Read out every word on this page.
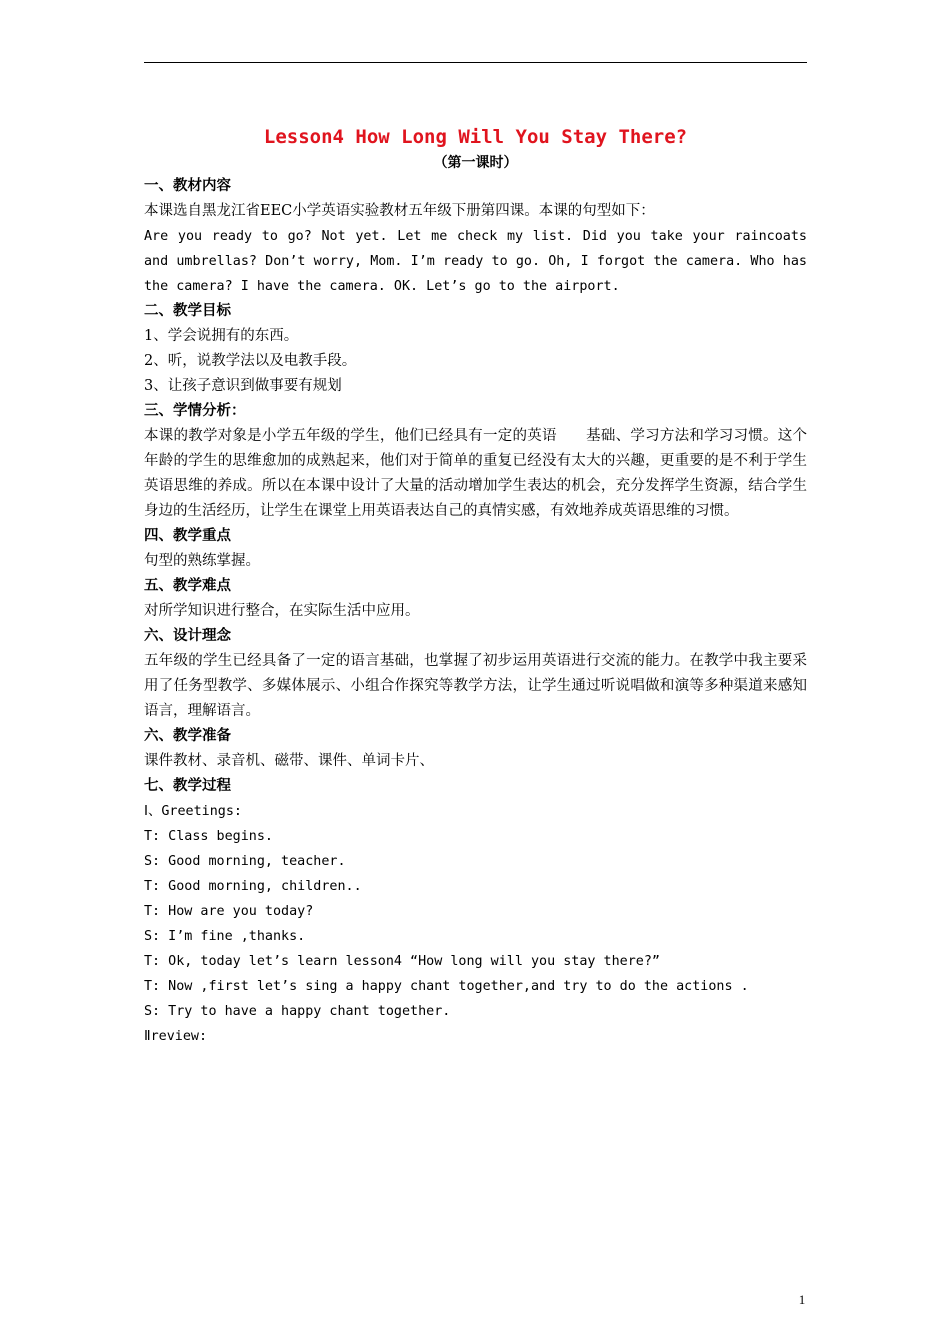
Lesson4 How Long Will You Stay There?
（第一课时）
一、教材内容
本课选自黑龙江省EEC小学英语实验教材五年级下册第四课。本课的句型如下：
Are you ready to go? Not yet. Let me check my list. Did you take your raincoats and umbrellas? Don’t worry, Mom. I’m ready to go. Oh, I forgot the camera. Who has the camera? I have the camera. OK. Let’s go to the airport.
二、教学目标
1、学会说拥有的东西。
2、听，说教学法以及电教手段。
3、让孩子意识到做事要有规划
三、学情分析：
本课的教学对象是小学五年级的学生，他们已经具有一定的英语　　基础、学习方法和学习习惯。这个年龄的学生的思维愈加的成熟起来，他们对于简单的重复已经没有太大的兴趣，更重要的是不利于学生英语思维的养成。所以在本课中设计了大量的活动增加学生表达的机会，充分发挥学生资源，结合学生身边的生活经历，让学生在课堂上用英语表达自己的真情实感，有效地养成英语思维的习惯。
四、教学重点
句型的熟练掌握。
五、教学难点
对所学知识进行整合，在实际生活中应用。
六、设计理念
五年级的学生已经具备了一定的语言基础，也掌握了初步运用英语进行交流的能力。在教学中我主要采用了任务型教学、多媒体展示、小组合作探究等教学方法，让学生通过听说唱做和演等多种渠道来感知语言，理解语言。
六、教学准备
课件教材、录音机、磁带、课件、单词卡片、
七、教学过程
Ⅰ、Greetings:
T: Class begins.
S: Good morning, teacher.
T: Good morning, children..
T: How are you today?
S: I’m fine ,thanks.
T: Ok, today let’s learn lesson4 “How long will you stay there?”
T: Now ,first let’s sing a happy chant together,and try to do the actions .
S: Try to have a happy chant together.
Ⅱreview:
1
